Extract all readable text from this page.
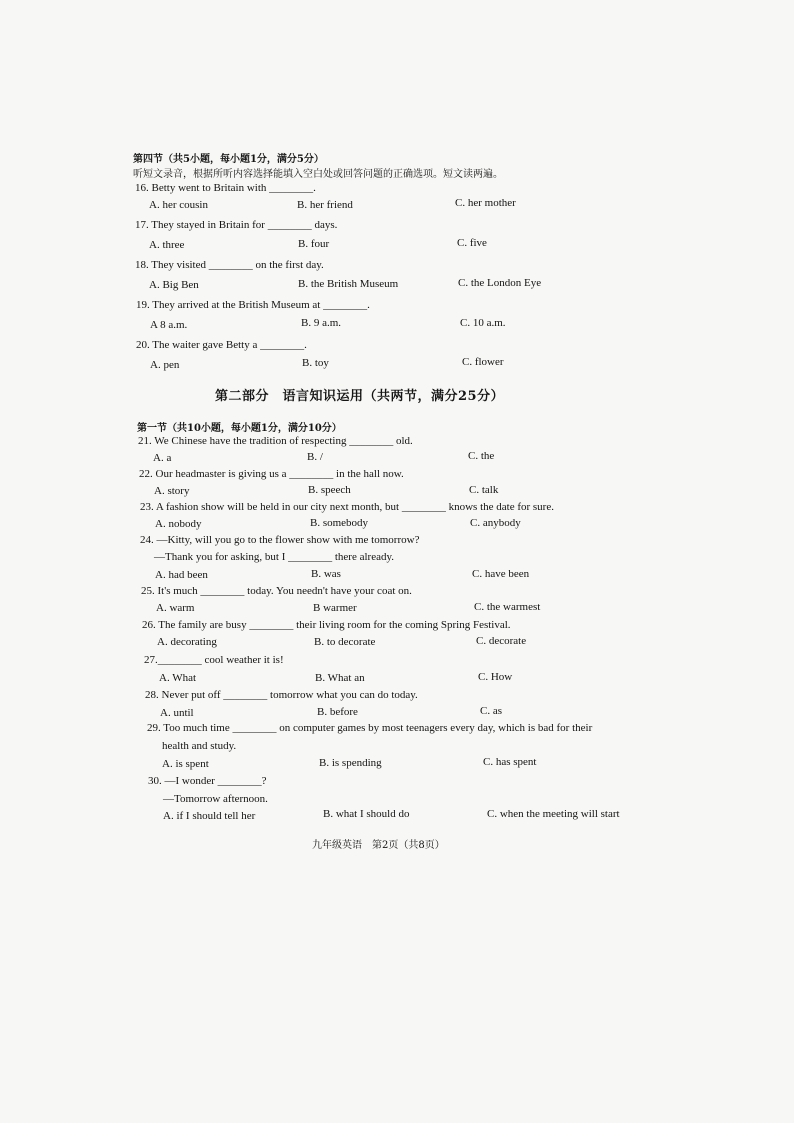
第四节（共5小题，每小题1分，满分5分）
听短文录音，根据所听内容选择能填入空白处或回答问题的正确选项。短文读两遍。
16. Betty went to Britain with ________.
A. her cousin	B. her friend	C. her mother
17. They stayed in Britain for ________ days.
A. three	B. four	C. five
18. They visited ________ on the first day.
A. Big Ben	B. the British Museum	C. the London Eye
19. They arrived at the British Museum at ________.
A 8 a.m.	B. 9 a.m.	C. 10 a.m.
20. The waiter gave Betty a ________.
A. pen	B. toy	C. flower
第二部分　语言知识运用（共两节，满分25分）
第一节（共10小题，每小题1分，满分10分）
21. We Chinese have the tradition of respecting ________ old.
A. a	B. /	C. the
22. Our headmaster is giving us a ________ in the hall now.
A. story	B. speech	C. talk
23. A fashion show will be held in our city next month, but ________ knows the date for sure.
A. nobody	B. somebody	C. anybody
24. —Kitty, will you go to the flower show with me tomorrow?
—Thank you for asking, but I ________ there already.
A. had been	B. was	C. have been
25. It's much ________ today. You needn't have your coat on.
A. warm	B warmer	C. the warmest
26. The family are busy ________ their living room for the coming Spring Festival.
A. decorating	B. to decorate	C. decorate
27.________ cool weather it is!
A. What	B. What an	C. How
28. Never put off ________ tomorrow what you can do today.
A. until	B. before	C. as
29. Too much time ________ on computer games by most teenagers every day, which is bad for their
health and study.
A. is spent	B. is spending	C. has spent
30. —I wonder ________?
—Tomorrow afternoon.
A. if I should tell her	B. what I should do	C. when the meeting will start
九年级英语　第2页（共8页）
